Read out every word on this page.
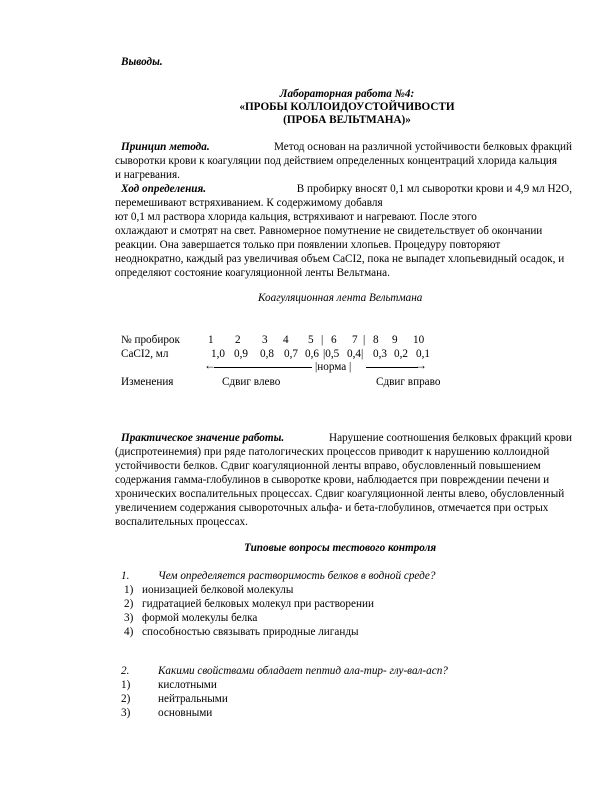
Выводы.
Лабораторная работа №4:
«ПРОБЫ КОЛЛОИДОУСТОЙЧИВОСТИ
(ПРОБА ВЕЛЬТМАНА)»
Принцип метода.	Метод основан на различной устойчивости белковых фракций
сыворотки крови к коагуляции под действием определенных концентраций хлорида кальция
и нагревания.
Ход определения.	В пробирку вносят 0,1 мл сыворотки крови и 4,9 мл Н2О,
перемешивают встряхиванием. К содержимому добавля
ют 0,1 мл раствора хлорида кальция, встряхивают и нагревают. После этого
охлаждают и смотрят на свет. Равномерное помутнение не свидетельствует об окончании
реакции. Она завершается только при появлении хлопьев. Процедуру повторяют
неоднократно, каждый раз увеличивая объем CaCI2, пока не выпадет хлопьевидный осадок, и
определяют состояние коагуляционной ленты Вельтмана.
Коагуляционная лента Вельтмана
№ пробирок	1 2 3 4 5 | 6 7 | 8 9 10
CaCI2, мл	1,0 0,9 0,8 0,7 0,6 |0,5 0,4| 0,3 0,2 0,1
←	|норма |	→
Изменения	Сдвиг влево	Сдвиг вправо
Практическое значение работы.	Нарушение соотношения белковых фракций крови
(диспротеинемия) при ряде патологических процессов приводит к нарушению коллоидной
устойчивости белков. Сдвиг коагуляционной ленты вправо, обусловленный повышением
содержания гамма-глобулинов в сыворотке крови, наблюдается при повреждении печени и
хронических воспалительных процессах. Сдвиг коагуляционной ленты влево, обусловленный
увеличением содержания сывороточных альфа- и бета-глобулинов, отмечается при острых
воспалительных процессах.
Типовые вопросы тестового контроля
1.	Чем определяется растворимость белков в водной среде?
1) ионизацией белковой молекулы
2) гидратацией белковых молекул при растворении
3) формой молекулы белка
4) способностью связывать природные лиганды
2.	Какими свойствами обладает пептид ала-тир- глу-вал-асп?
1) кислотными
2) нейтральными
3) основными
